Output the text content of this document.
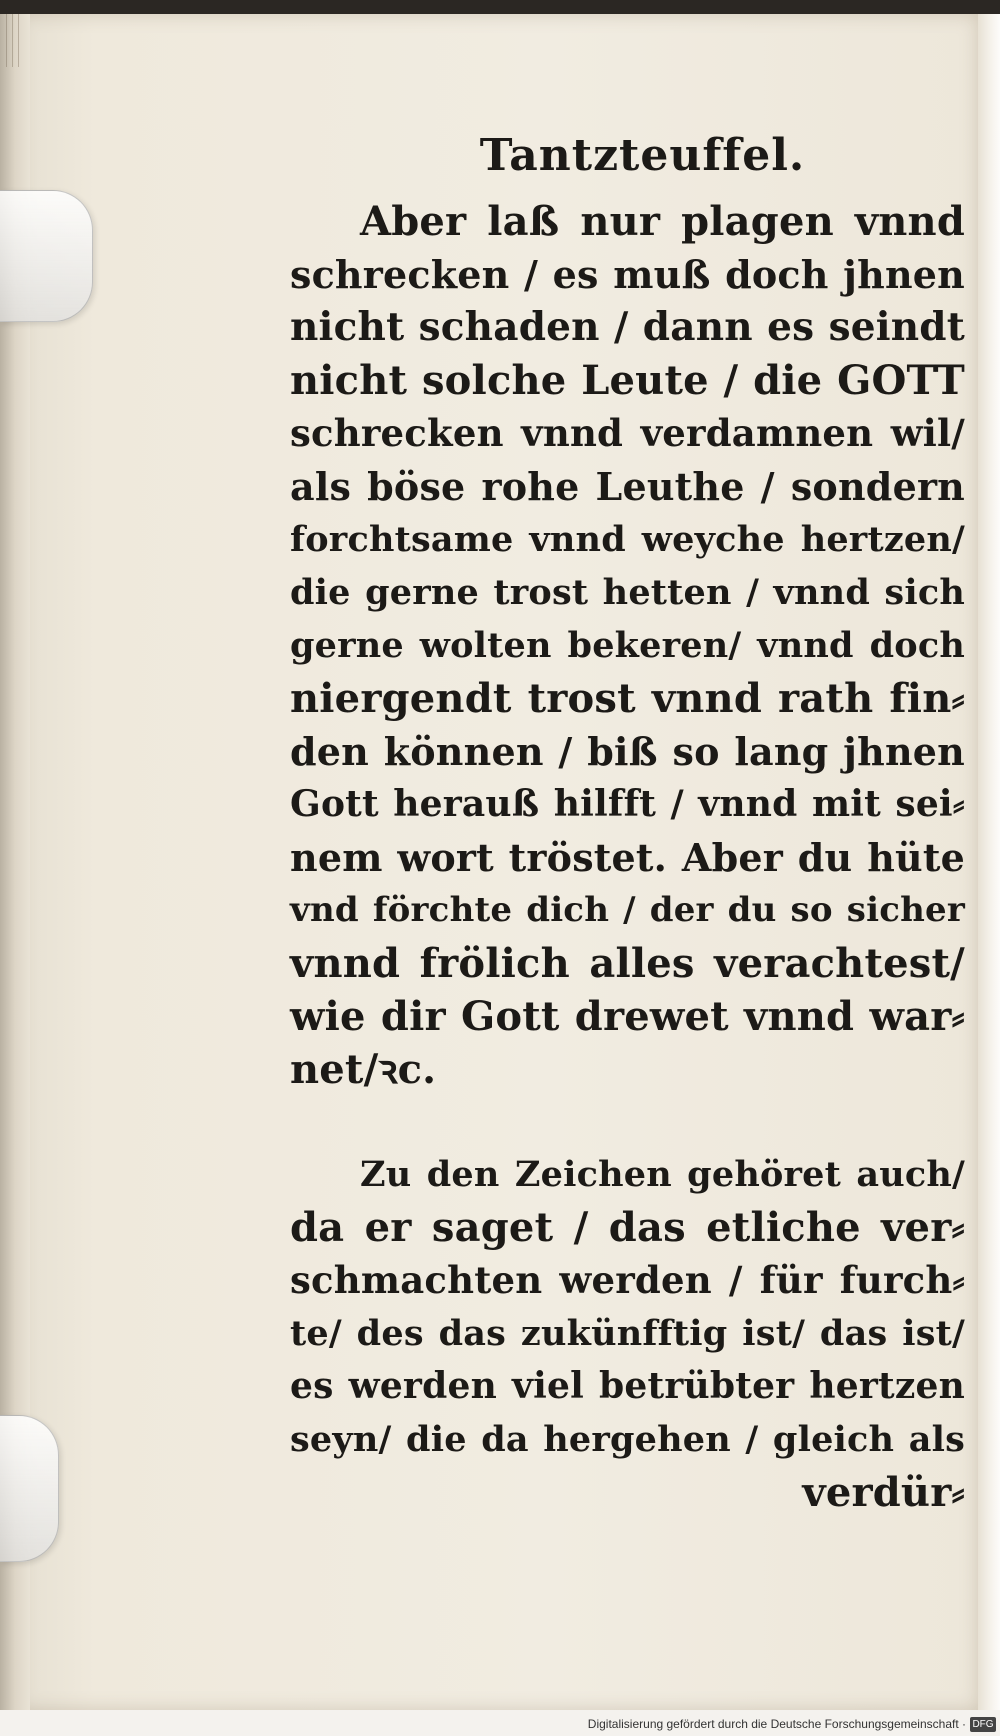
Tantzteuffel.
Aber laß nur plagen vnnd
schrecken / es muß doch jhnen
nicht schaden / dann es seindt
nicht solche Leute / die GOTT
schrecken vnnd verdamnen wil/
als böse rohe Leuthe / sondern
forchtsame vnnd weyche hertzen/
die gerne trost hetten / vnnd sich
gerne wolten bekeren/ vnnd doch
niergendt trost vnnd rath fin⸗
den können / biß so lang jhnen
Gott herauß hilfft / vnnd mit sei⸗
nem wort tröstet. Aber du hüte
vnd förchte dich / der du so sicher
vnnd frölich alles verachtest/
wie dir Gott drewet vnnd war⸗
net/ꝛc.
Zu den Zeichen gehöret auch/
da er saget / das etliche ver⸗
schmachten werden / für furch⸗
te/ des das zukünfftig ist/ das ist/
es werden viel betrübter hertzen
seyn/ die da hergehen / gleich als
verdür⸗
Digitalisierung gefördert durch die Deutsche Forschungsgemeinschaft · DFG
